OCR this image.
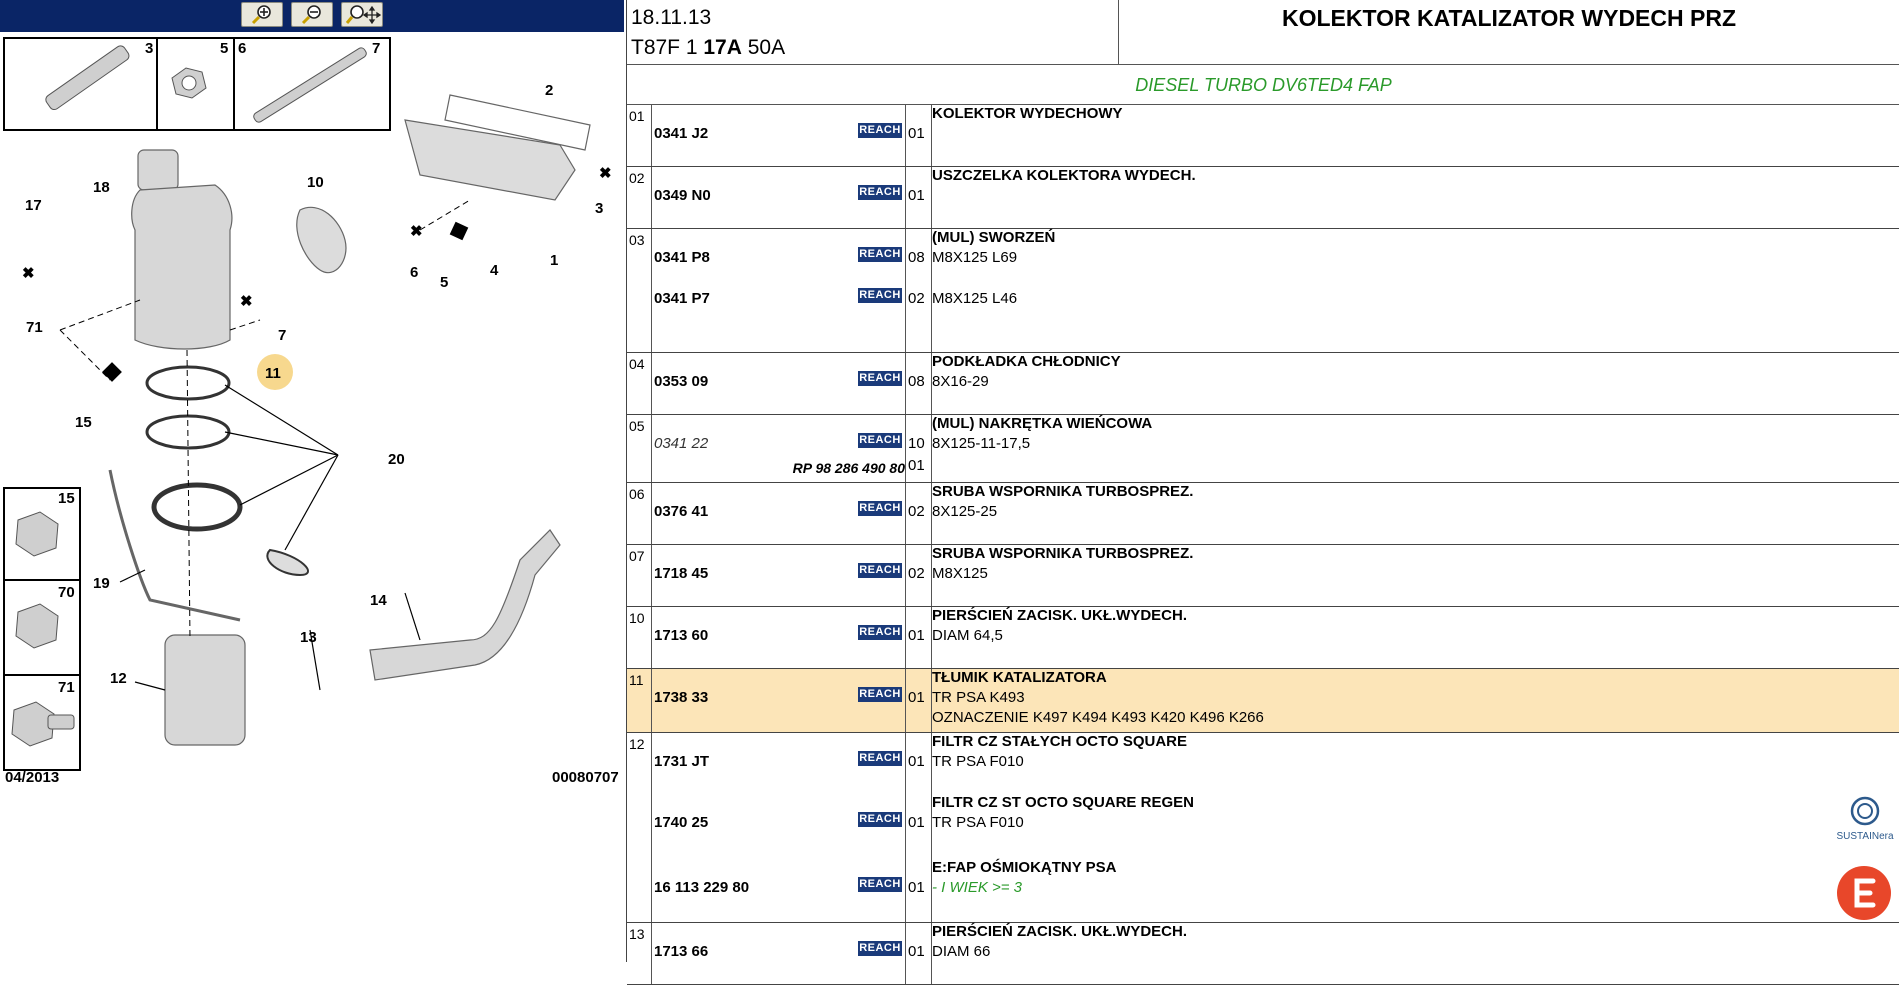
✖
✖
✖
✖
3	5 6	7
2
10
18
17
71
15
20
11
1
4
5
6
7
3
19
12
13
14
15
70
71
04/2013	00080707
18.11.13
T87F 1 17A 50A
KOLEKTOR KATALIZATOR WYDECH PRZ
DIESEL TURBO DV6TED4 FAP
01
0341 J2	REACH 01
KOLEKTOR WYDECHOWY
02
0349 N0	REACH 01
USZCZELKA KOLEKTORA WYDECH.
03
0341 P8	REACH 08
(MUL) SWORZEŃ
M8X125 L69
0341 P7	REACH 02 M8X125 L46
04
0353 09	REACH 08
PODKŁADKA CHŁODNICY
8X16-29
05
0341 22	REACH 10
(MUL) NAKRĘTKA WIEŃCOWA
8X125-11-17,5
RP 98 286 490 80 01
06
0376 41	REACH 02
SRUBA WSPORNIKA TURBOSPREZ.
8X125-25
07
1718 45	REACH 02
SRUBA WSPORNIKA TURBOSPREZ.
M8X125
10
1713 60	REACH 01
PIERŚCIEŃ ZACISK. UKŁ.WYDECH.
DIAM 64,5
11
1738 33	REACH 01
TŁUMIK KATALIZATORA
TR PSA K493
OZNACZENIE K497 K494 K493 K420 K496 K266
12
1731 JT	REACH 01
FILTR CZ STAŁYCH OCTO SQUARE
TR PSA F010
1740 25	REACH 01
FILTR CZ ST OCTO SQUARE REGEN
TR PSA F010
16 113 229 80	REACH 01
E:FAP OŚMIOKĄTNY PSA
- I WIEK >= 3
13
1713 66	REACH 01
PIERŚCIEŃ ZACISK. UKŁ.WYDECH.
DIAM 66
SUSTAINera
